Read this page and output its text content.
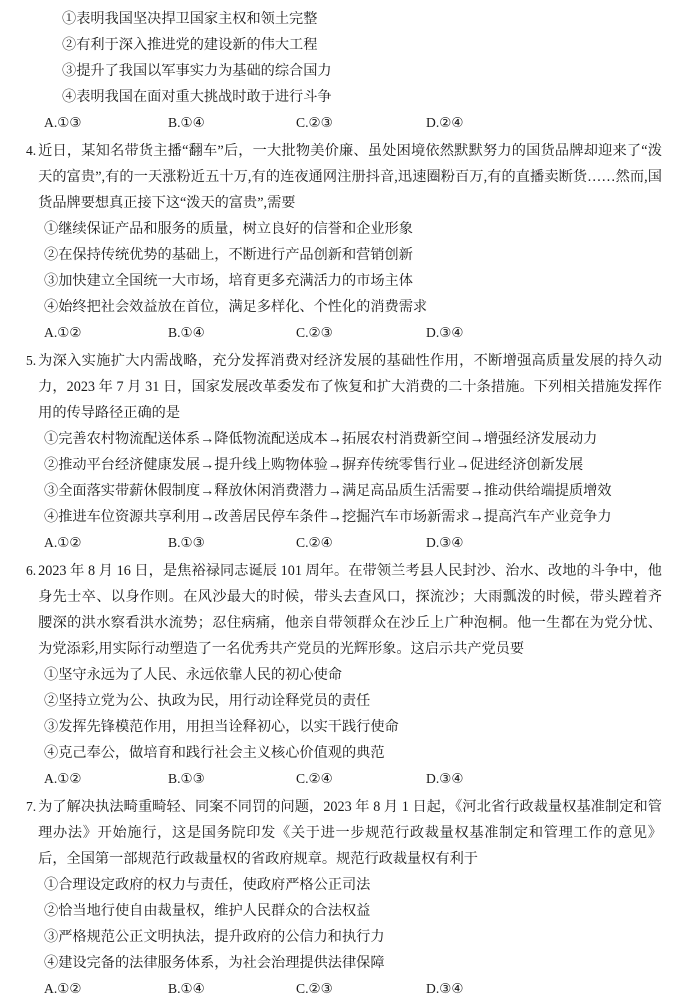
①表明我国坚决捍卫国家主权和领土完整
②有利于深入推进党的建设新的伟大工程
③提升了我国以军事实力为基础的综合国力
④表明我国在面对重大挑战时敢于进行斗争
A.①③	B.①④	C.②③	D.②④
4. 近日，某知名带货主播“翻车”后，一大批物美价廉、虽处困境依然默默努力的国货品牌却迎来了“泼天的富贵”,有的一天涨粉近五十万,有的连夜通网注册抖音,迅速圈粉百万,有的直播卖断货……然而,国货品牌要想真正接下这“泼天的富贵”,需要
①继续保证产品和服务的质量，树立良好的信誉和企业形象
②在保持传统优势的基础上，不断进行产品创新和营销创新
③加快建立全国统一大市场，培育更多充满活力的市场主体
④始终把社会效益放在首位，满足多样化、个性化的消费需求
A.①②	B.①④	C.②③	D.③④
5. 为深入实施扩大内需战略，充分发挥消费对经济发展的基础性作用，不断增强高质量发展的持久动力，2023 年 7 月 31 日，国家发展改革委发布了恢复和扩大消费的二十条措施。下列相关措施发挥作用的传导路径正确的是
①完善农村物流配送体系→降低物流配送成本→拓展农村消费新空间→增强经济发展动力
②推动平台经济健康发展→提升线上购物体验→摒弃传统零售行业→促进经济创新发展
③全面落实带薪休假制度→释放休闲消费潜力→满足高品质生活需要→推动供给端提质增效
④推进车位资源共享利用→改善居民停车条件→挖掘汽车市场新需求→提高汽车产业竞争力
A.①②	B.①③	C.②④	D.③④
6. 2023 年 8 月 16 日，是焦裕禄同志诞辰 101 周年。在带领兰考县人民封沙、治水、改地的斗争中，他身先士卒、以身作则。在风沙最大的时候，带头去查风口，探流沙；大雨瓢泼的时候，带头蹚着齐腰深的洪水察看洪水流势；忍住病痛，他亲自带领群众在沙丘上广种泡桐。他一生都在为党分忧、为党添彩,用实际行动塑造了一名优秀共产党员的光辉形象。这启示共产党员要
①坚守永远为了人民、永远依靠人民的初心使命
②坚持立党为公、执政为民，用行动诠释党员的责任
③发挥先锋模范作用，用担当诠释初心，以实干践行使命
④克己奉公，做培育和践行社会主义核心价值观的典范
A.①②	B.①③	C.②④	D.③④
7. 为了解决执法畸重畸轻、同案不同罚的问题，2023 年 8 月 1 日起，《河北省行政裁量权基准制定和管理办法》开始施行，这是国务院印发《关于进一步规范行政裁量权基准制定和管理工作的意见》后，全国第一部规范行政裁量权的省政府规章。规范行政裁量权有利于
①合理设定政府的权力与责任，使政府严格公正司法
②恰当地行使自由裁量权，维护人民群众的合法权益
③严格规范公正文明执法，提升政府的公信力和执行力
④建设完备的法律服务体系，为社会治理提供法律保障
A.①②	B.①④	C.②③	D.③④
